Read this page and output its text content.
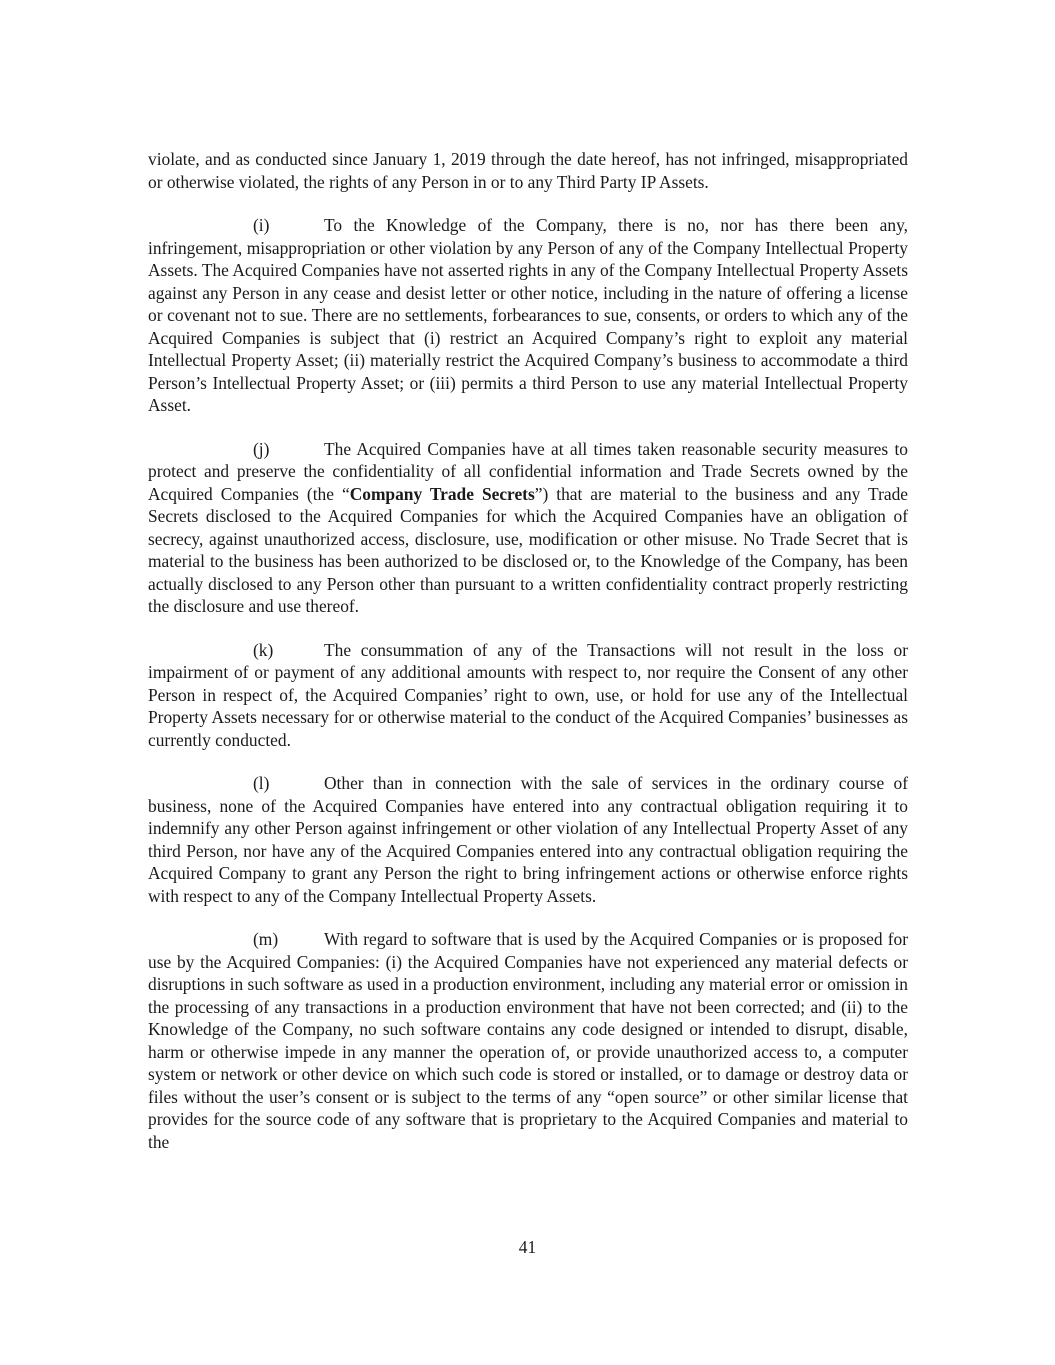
violate, and as conducted since January 1, 2019 through the date hereof, has not infringed, misappropriated or otherwise violated, the rights of any Person in or to any Third Party IP Assets.

(i)	To the Knowledge of the Company, there is no, nor has there been any, infringement, misappropriation or other violation by any Person of any of the Company Intellectual Property Assets. The Acquired Companies have not asserted rights in any of the Company Intellectual Property Assets against any Person in any cease and desist letter or other notice, including in the nature of offering a license or covenant not to sue. There are no settlements, forbearances to sue, consents, or orders to which any of the Acquired Companies is subject that (i) restrict an Acquired Company’s right to exploit any material Intellectual Property Asset; (ii) materially restrict the Acquired Company’s business to accommodate a third Person’s Intellectual Property Asset; or (iii) permits a third Person to use any material Intellectual Property Asset.

(j)	The Acquired Companies have at all times taken reasonable security measures to protect and preserve the confidentiality of all confidential information and Trade Secrets owned by the Acquired Companies (the “Company Trade Secrets”) that are material to the business and any Trade Secrets disclosed to the Acquired Companies for which the Acquired Companies have an obligation of secrecy, against unauthorized access, disclosure, use, modification or other misuse. No Trade Secret that is material to the business has been authorized to be disclosed or, to the Knowledge of the Company, has been actually disclosed to any Person other than pursuant to a written confidentiality contract properly restricting the disclosure and use thereof.

(k)	The consummation of any of the Transactions will not result in the loss or impairment of or payment of any additional amounts with respect to, nor require the Consent of any other Person in respect of, the Acquired Companies’ right to own, use, or hold for use any of the Intellectual Property Assets necessary for or otherwise material to the conduct of the Acquired Companies’ businesses as currently conducted.

(l)	Other than in connection with the sale of services in the ordinary course of business, none of the Acquired Companies have entered into any contractual obligation requiring it to indemnify any other Person against infringement or other violation of any Intellectual Property Asset of any third Person, nor have any of the Acquired Companies entered into any contractual obligation requiring the Acquired Company to grant any Person the right to bring infringement actions or otherwise enforce rights with respect to any of the Company Intellectual Property Assets.

(m)	With regard to software that is used by the Acquired Companies or is proposed for use by the Acquired Companies: (i) the Acquired Companies have not experienced any material defects or disruptions in such software as used in a production environment, including any material error or omission in the processing of any transactions in a production environment that have not been corrected; and (ii) to the Knowledge of the Company, no such software contains any code designed or intended to disrupt, disable, harm or otherwise impede in any manner the operation of, or provide unauthorized access to, a computer system or network or other device on which such code is stored or installed, or to damage or destroy data or files without the user’s consent or is subject to the terms of any “open source” or other similar license that provides for the source code of any software that is proprietary to the Acquired Companies and material to the

41
